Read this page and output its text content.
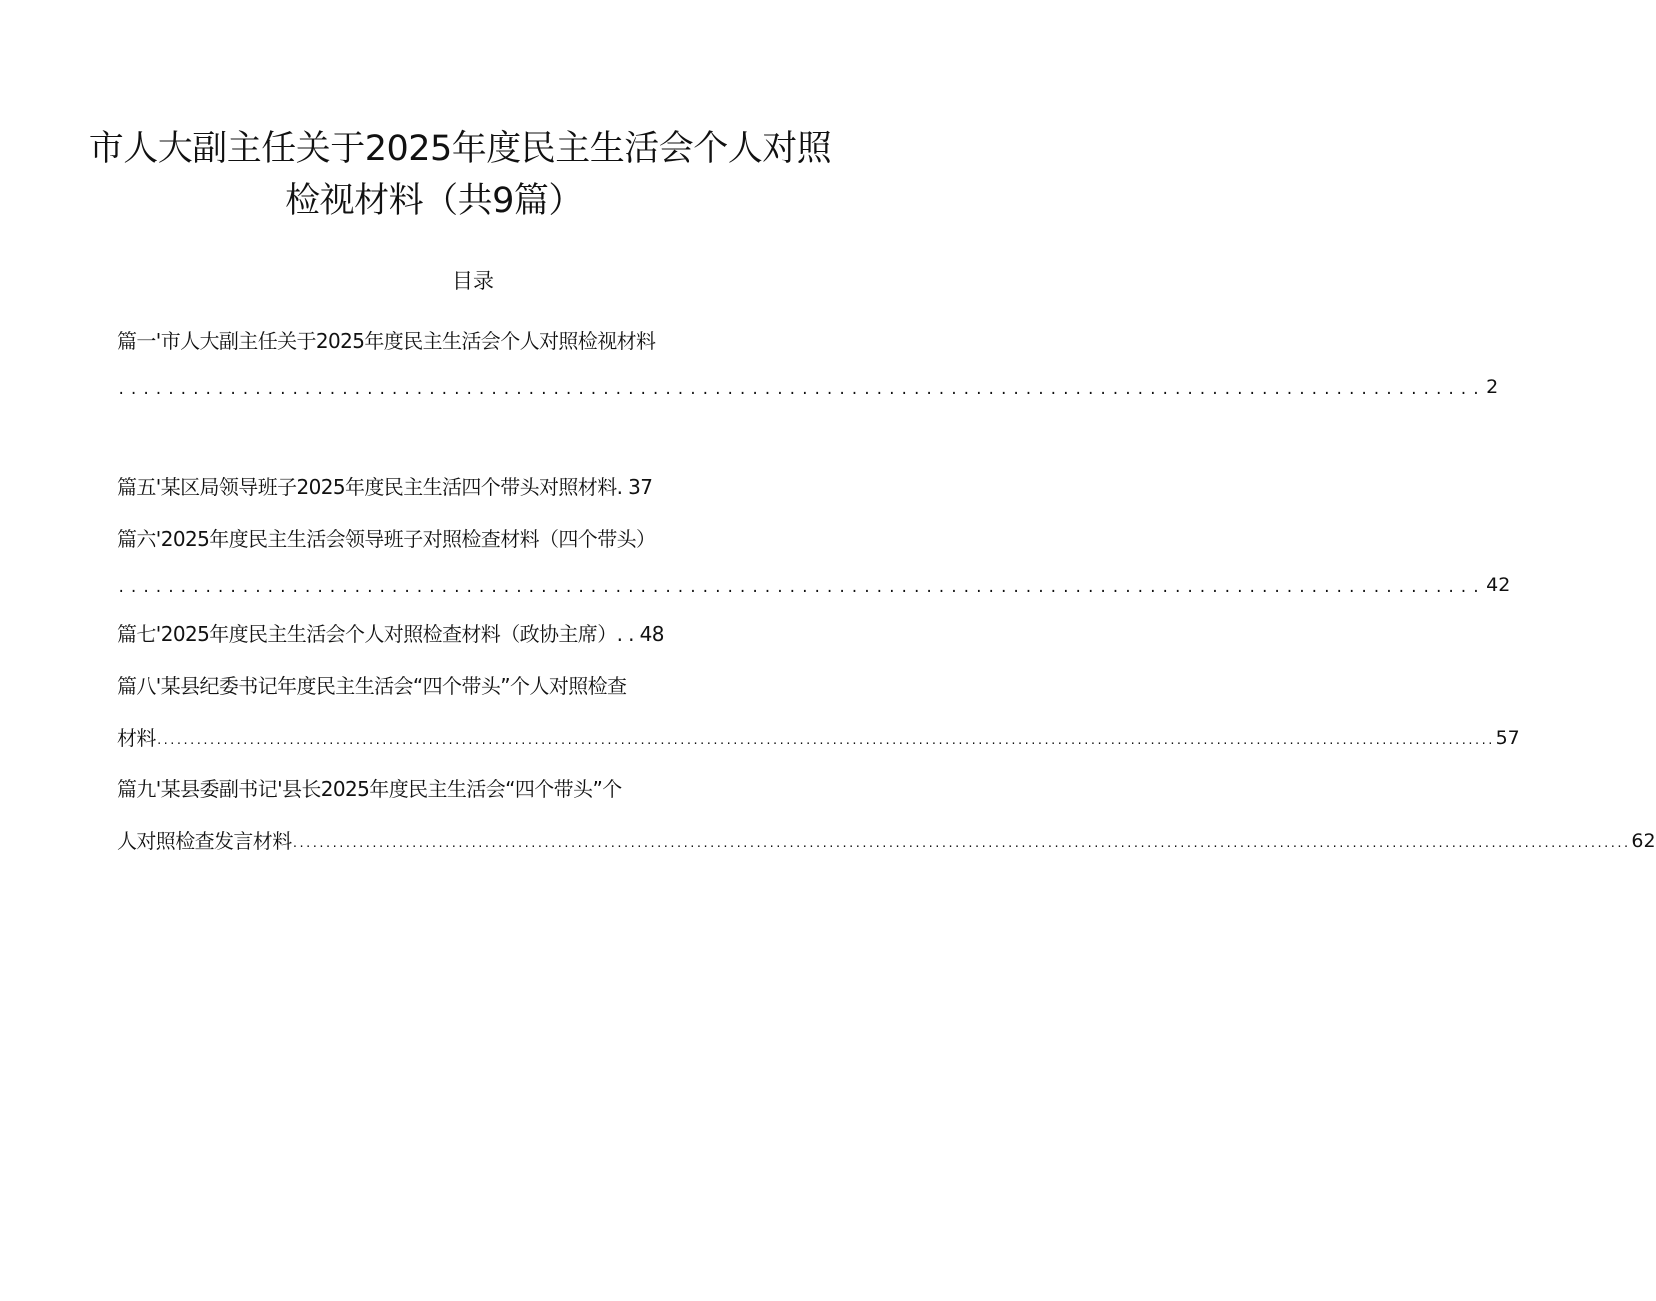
市人大副主任关于2025年度民主生活会个人对照
检视材料（共9篇）
目录
篇一'市人大副主任关于2025年度民主生活会个人对照检视材料
.............................................................................................................. 2
篇五'某区局领导班子2025年度民主生活四个带头对照材料. 37
篇六'2025年度民主生活会领导班子对照检查材料（四个带头）
.............................................................................................................. 42
篇七'2025年度民主生活会个人对照检查材料（政协主席）. . 48
篇八'某县纪委书记年度民主生活会“四个带头”个人对照检查
材料 .......................................................................................................................................................................................................... 57
篇九'某县委副书记'县长2025年度民主生活会“四个带头”个
人对照检查发言材料 .......................................................................................................................................................................................................... 62
